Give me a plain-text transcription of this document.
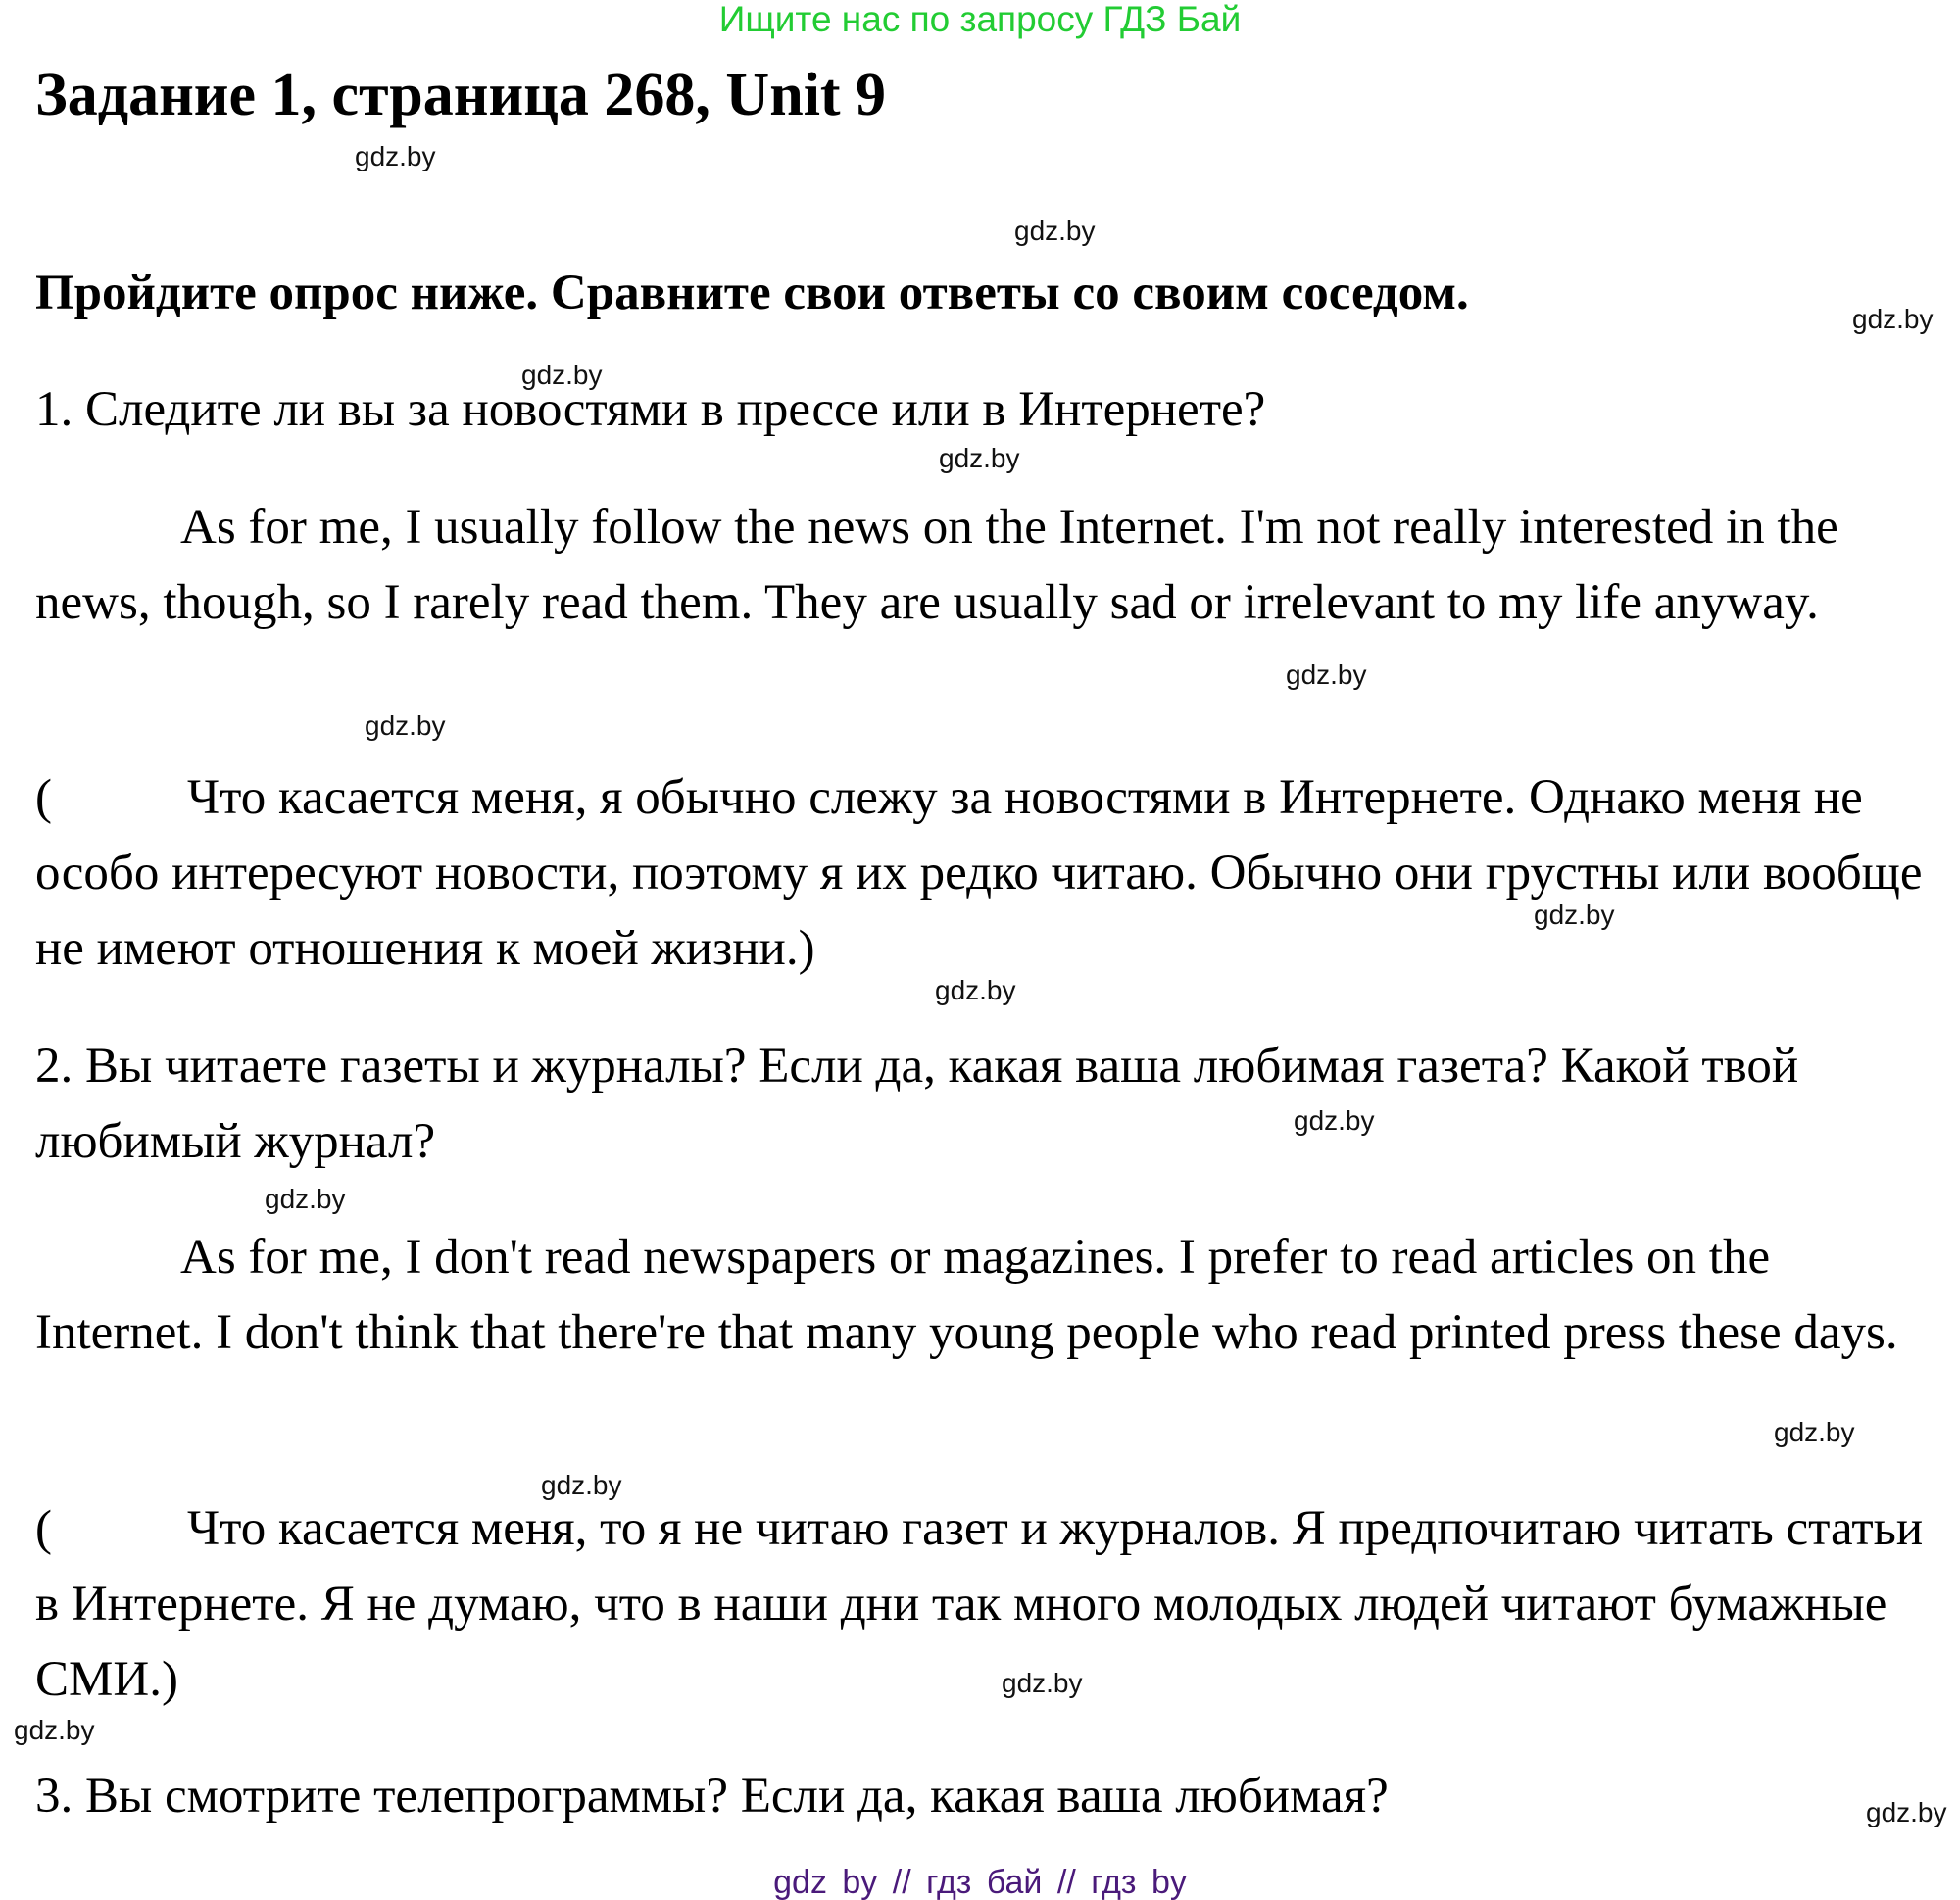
Ищите нас по запросу ГДЗ Бай
Задание 1, страница 268, Unit 9
Пройдите опрос ниже. Сравните свои ответы со своим соседом.
1. Следите ли вы за новостями в прессе или в Интернете?
As for me, I usually follow the news on the Internet. I'm not really interested in the news, though, so I rarely read them. They are usually sad or irrelevant to my life anyway.
(	Что касается меня, я обычно слежу за новостями в Интернете. Однако меня не особо интересуют новости, поэтому я их редко читаю. Обычно они грустны или вообще не имеют отношения к моей жизни.)
2. Вы читаете газеты и журналы? Если да, какая ваша любимая газета? Какой твой любимый журнал?
As for me, I don't read newspapers or magazines. I prefer to read articles on the Internet. I don't think that there're that many young people who read printed press these days.
(	Что касается меня, то я не читаю газет и журналов. Я предпочитаю читать статьи в Интернете. Я не думаю, что в наши дни так много молодых людей читают бумажные СМИ.)
3. Вы смотрите телепрограммы? Если да, какая ваша любимая?
gdz.by
gdz.by
gdz.by
gdz.by
gdz.by
gdz.by
gdz.by
gdz.by
gdz.by
gdz.by
gdz.by
gdz.by
gdz.by
gdz.by
gdz.by
gdz.by
gdz by // гдз бай // гдз by
